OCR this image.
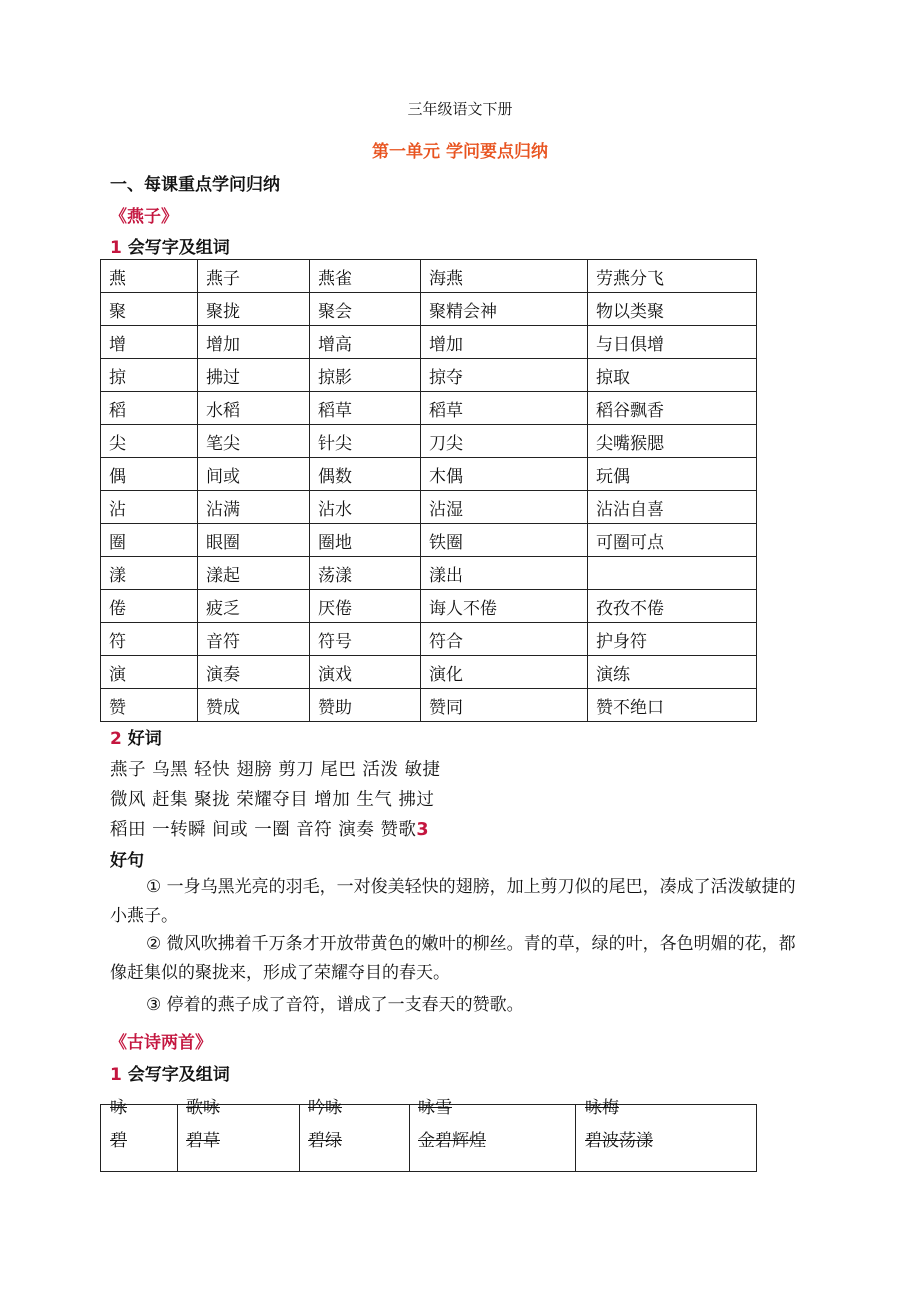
三年级语文下册
第一单元 学问要点归纳
一、每课重点学问归纳
《燕子》
1 会写字及组词
燕	燕子	燕雀	海燕	劳燕分飞
聚	聚拢	聚会	聚精会神	物以类聚
增	增加	增高	增加	与日俱增
掠	拂过	掠影	掠夺	掠取
稻	水稻	稻草	稻草	稻谷飘香
尖	笔尖	针尖	刀尖	尖嘴猴腮
偶	间或	偶数	木偶	玩偶
沾	沾满	沾水	沾湿	沾沾自喜
圈	眼圈	圈地	铁圈	可圈可点
漾	漾起	荡漾	漾出	
倦	疲乏	厌倦	诲人不倦	孜孜不倦
符	音符	符号	符合	护身符
演	演奏	演戏	演化	演练
赞	赞成	赞助	赞同	赞不绝口
2 好词
燕子 乌黑 轻快 翅膀 剪刀 尾巴 活泼 敏捷
微风 赶集 聚拢 荣耀夺目 增加 生气 拂过
稻田 一转瞬 间或 一圈 音符 演奏 赞歌3
好句
① 一身乌黑光亮的羽毛，一对俊美轻快的翅膀，加上剪刀似的尾巴，凑成了活泼敏捷的小燕子。
② 微风吹拂着千万条才开放带黄色的嫩叶的柳丝。青的草，绿的叶，各色明媚的花，都像赶集似的聚拢来，形成了荣耀夺目的春天。
③ 停着的燕子成了音符，谱成了一支春天的赞歌。
《古诗两首》
1 会写字及组词
咏	歌咏	吟咏	咏雪	咏梅
碧	碧草	碧绿	金碧辉煌	碧波荡漾
